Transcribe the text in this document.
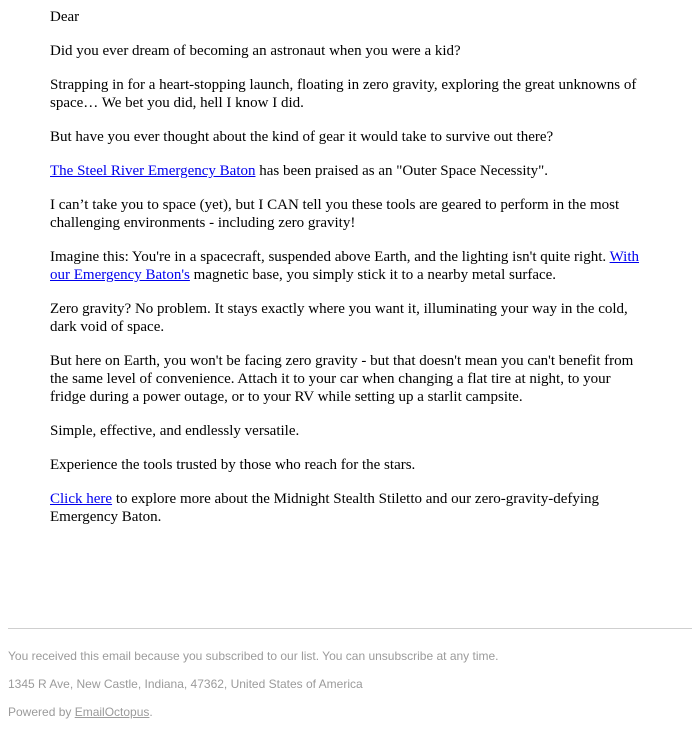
Dear

Did you ever dream of becoming an astronaut when you were a kid?

Strapping in for a heart-stopping launch, floating in zero gravity, exploring the great unknowns of space… We bet you did, hell I know I did.

But have you ever thought about the kind of gear it would take to survive out there?

The Steel River Emergency Baton has been praised as an "Outer Space Necessity".

I can’t take you to space (yet), but I CAN tell you these tools are geared to perform in the most challenging environments - including zero gravity!

Imagine this: You're in a spacecraft, suspended above Earth, and the lighting isn't quite right. With our Emergency Baton's magnetic base, you simply stick it to a nearby metal surface.

Zero gravity? No problem. It stays exactly where you want it, illuminating your way in the cold, dark void of space.

But here on Earth, you won't be facing zero gravity - but that doesn't mean you can't benefit from the same level of convenience. Attach it to your car when changing a flat tire at night, to your fridge during a power outage, or to your RV while setting up a starlit campsite.

Simple, effective, and endlessly versatile.

Experience the tools trusted by those who reach for the stars.

Click here to explore more about the Midnight Stealth Stiletto and our zero-gravity-defying Emergency Baton.

You received this email because you subscribed to our list. You can unsubscribe at any time.

1345 R Ave, New Castle, Indiana, 47362, United States of America

Powered by EmailOctopus.
